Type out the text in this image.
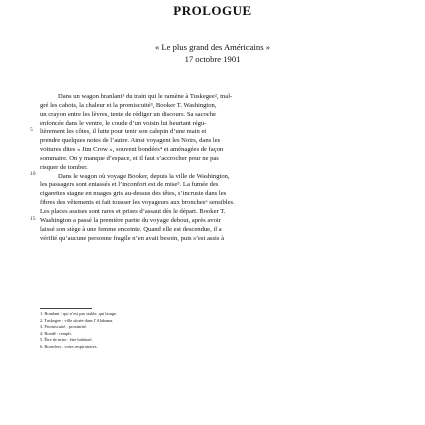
PROLOGUE
« Le plus grand des Américains »
17 octobre 1901
Dans un wagon branlant¹ du train qui le ramène à Tuskegee², mal-
gré les cahots, la chaleur et la promiscuité³, Booker T. Washington,
un crayon entre les lèvres, tente de rédiger un discours. Sa sacoche
enfoncée dans le ventre, le coude d’un voisin lui heurtant régu-
lièrement les côtes, il lutte pour tenir son calepin d’une main et
prendre quelques notes de l’autre. Ainsi voyagent les Noirs, dans les
voitures dites « Jim Crow », souvent bondées⁴ et aménagées de façon
sommaire. On y manque d’espace, et il faut s’accrocher pour ne pas
risquer de tomber.
Dans le wagon où voyage Booker, depuis la ville de Washington,
les passagers sont entassés et l’inconfort est de mise⁵. La fumée des
cigarettes stagne en nuages gris au-dessus des têtes, s’incruste dans les
fibres des vêtements et fait tousser les voyageurs aux bronches⁶ sensibles.
Les places assises sont rares et prises d’assaut dès le départ. Booker T.
Washington a passé la première partie du voyage debout, après avoir
laissé son siège à une femme enceinte. Quand elle est descendue, il a
vérifié qu’aucune personne fragile n’en avait besoin, puis s’est assis à
5
10
15
1. Branlant : qui n’est pas stable, qui bouge.
2. Tuskegee : ville située dans l’Alabama.
3. Promiscuité : proximité.
4. Bondé : rempli.
5. Être de mise : être habituel.
6. Bronches : voies respiratoires.
